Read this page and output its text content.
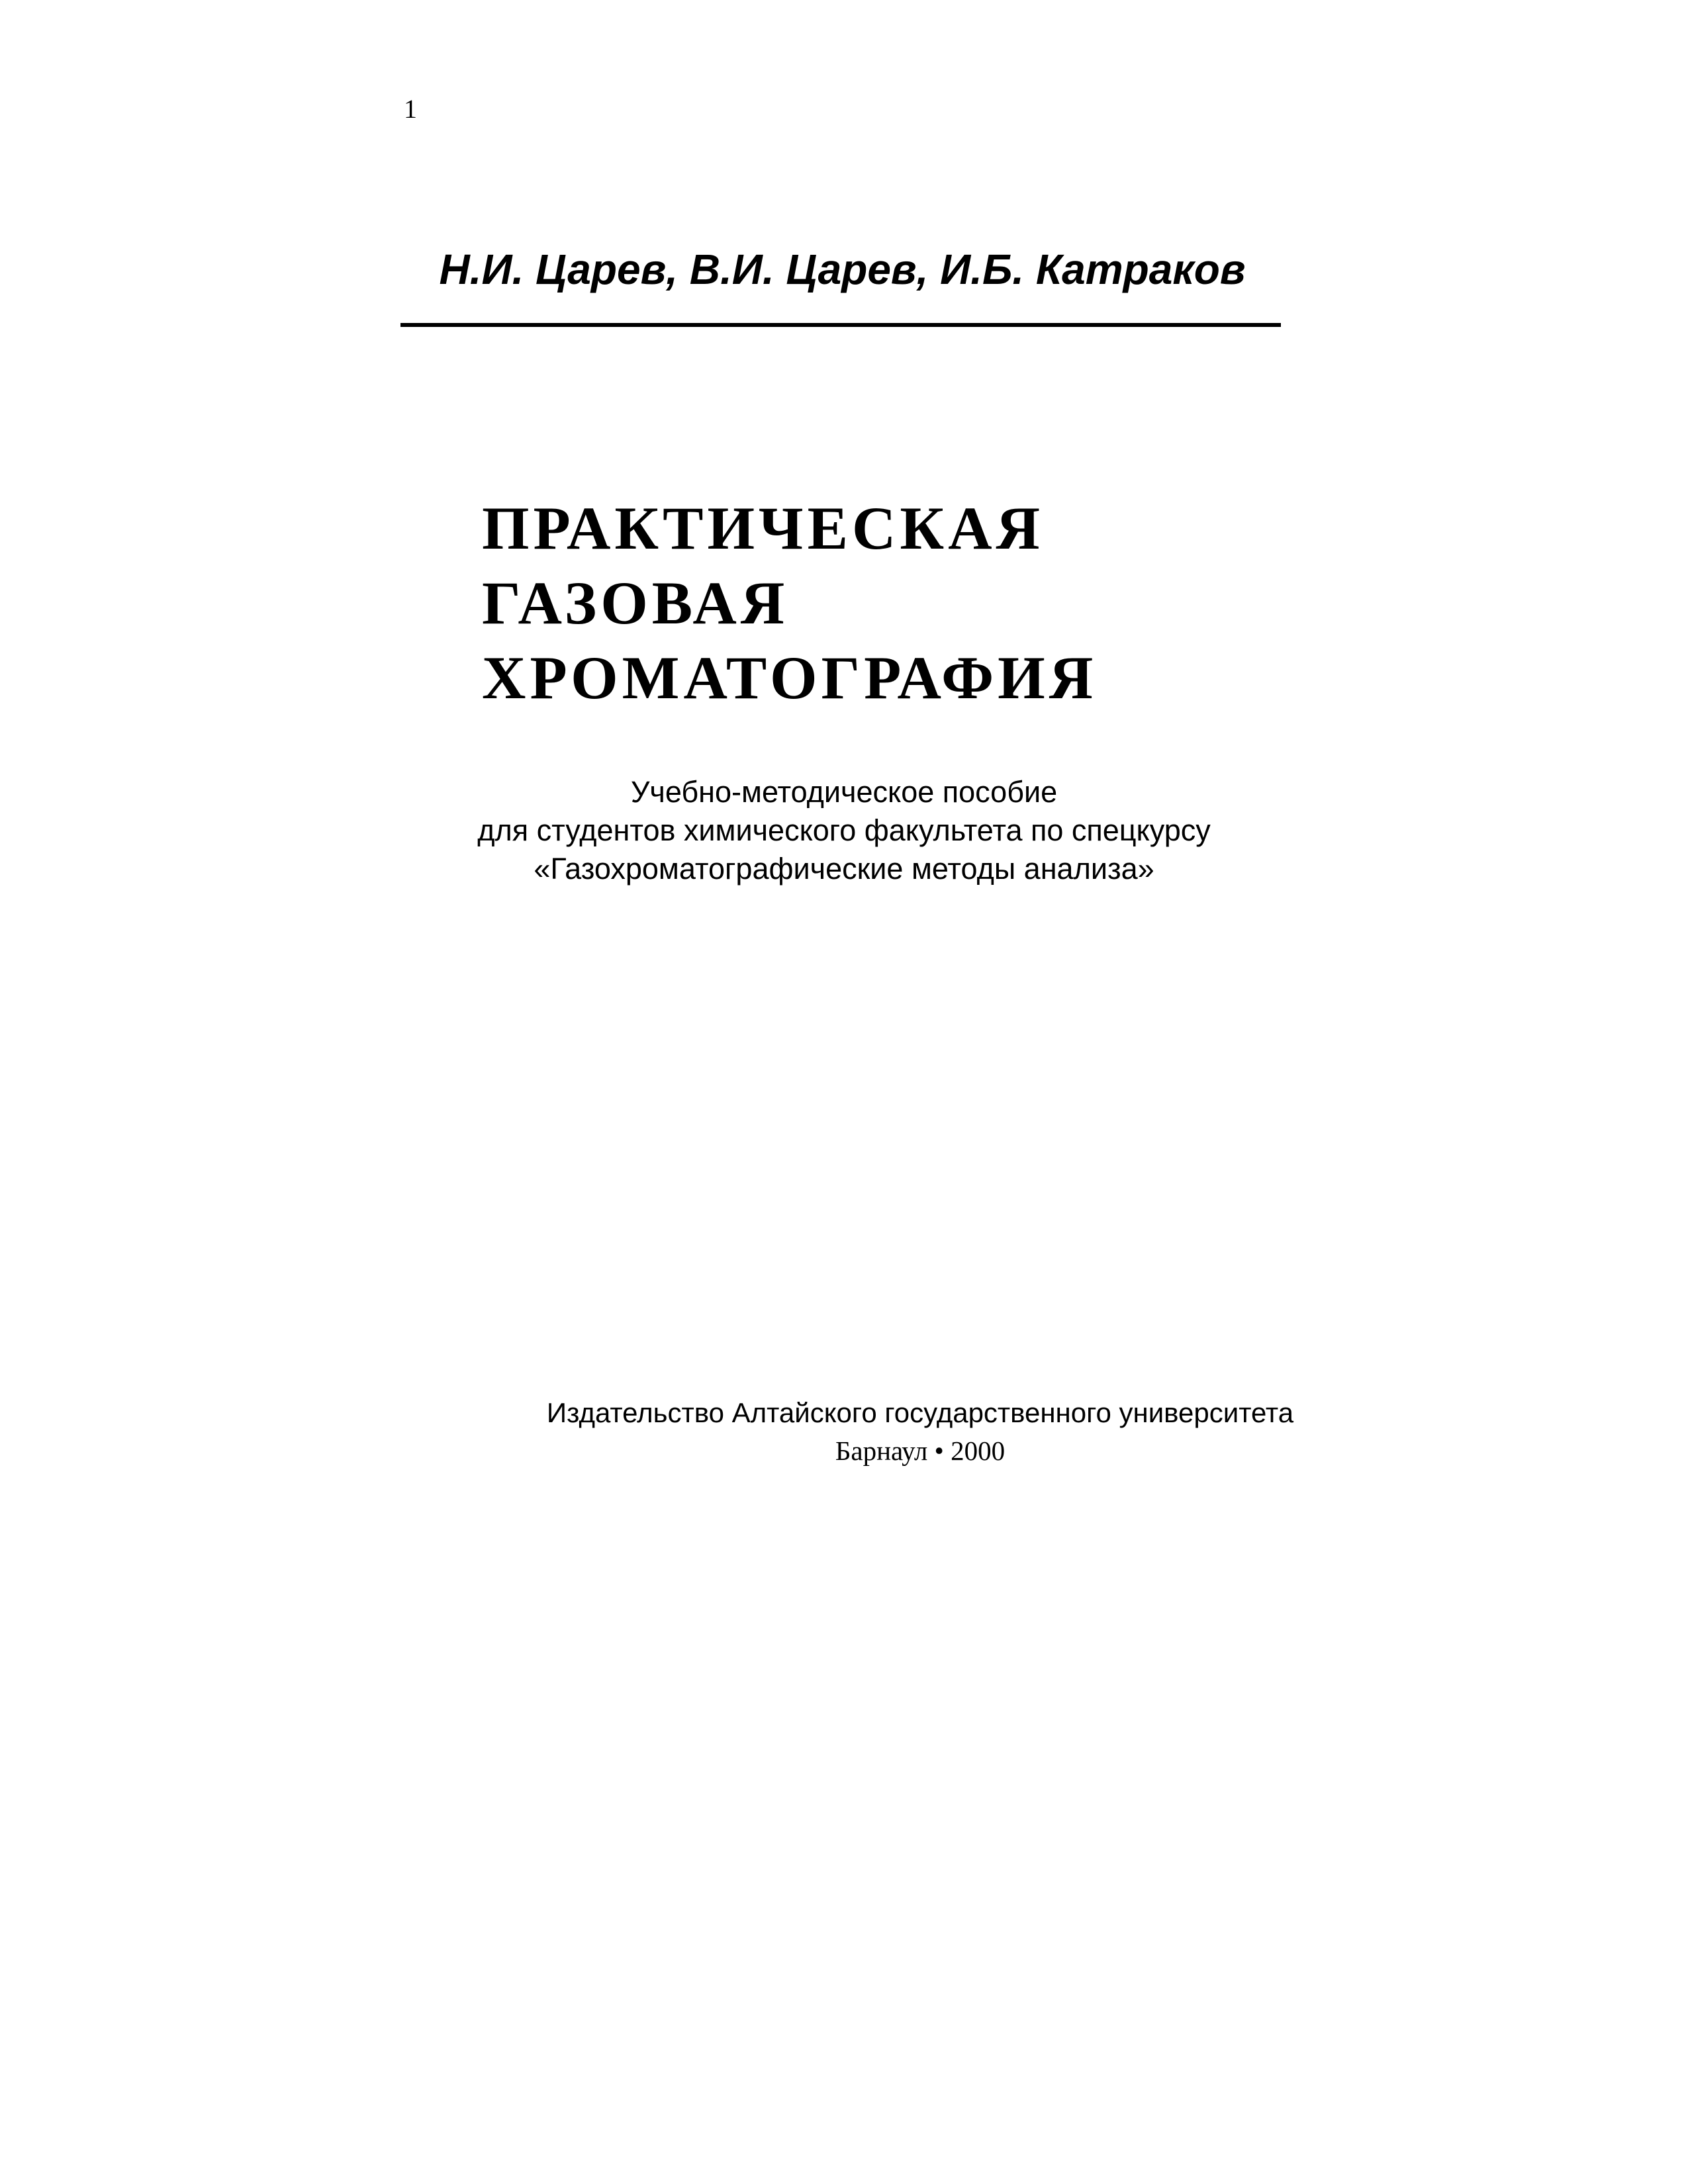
1
Н.И. Царев, В.И. Царев, И.Б. Катраков
ПРАКТИЧЕСКАЯ
ГАЗОВАЯ
ХРОМАТОГРАФИЯ
Учебно-методическое пособие
для студентов химического факультета по спецкурсу
«Газохроматографические методы анализа»
Издательство Алтайского государственного университета
Барнаул • 2000
